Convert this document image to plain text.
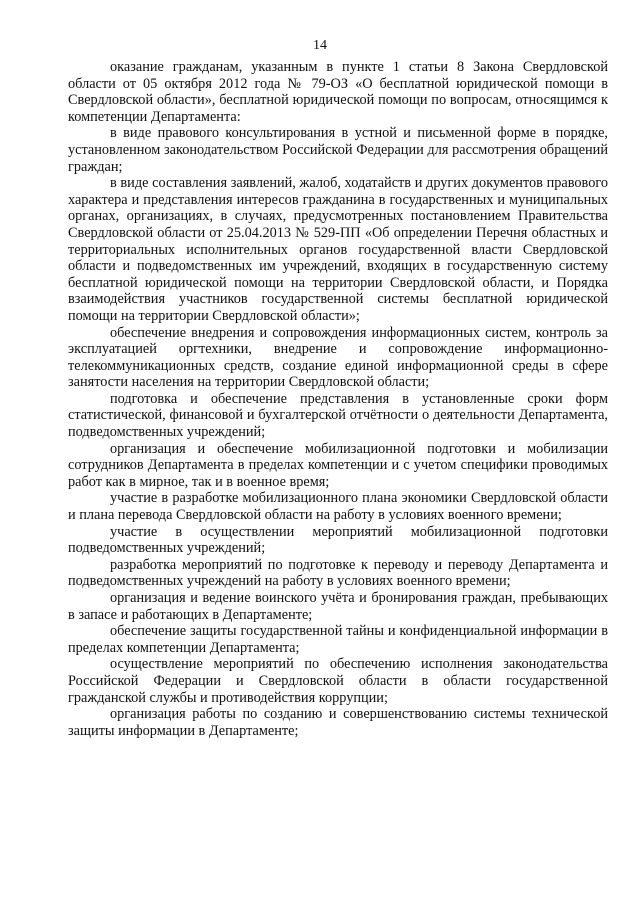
14

оказание гражданам, указанным в пункте 1 статьи 8 Закона Свердловской области от 05 октября 2012 года № 79-ОЗ «О бесплатной юридической помощи в Свердловской области», бесплатной юридической помощи по вопросам, относящимся к компетенции Департамента:

в виде правового консультирования в устной и письменной форме в порядке, установленном законодательством Российской Федерации для рассмотрения обращений граждан;

в виде составления заявлений, жалоб, ходатайств и других документов правового характера и представления интересов гражданина в государственных и муниципальных органах, организациях, в случаях, предусмотренных постановлением Правительства Свердловской области от 25.04.2013 № 529-ПП «Об определении Перечня областных и территориальных исполнительных органов государственной власти Свердловской области и подведомственных им учреждений, входящих в государственную систему бесплатной юридической помощи на территории Свердловской области, и Порядка взаимодействия участников государственной системы бесплатной юридической помощи на территории Свердловской области»;

обеспечение внедрения и сопровождения информационных систем, контроль за эксплуатацией оргтехники, внедрение и сопровождение информационно-телекоммуникационных средств, создание единой информационной среды в сфере занятости населения на территории Свердловской области;

подготовка и обеспечение представления в установленные сроки форм статистической, финансовой и бухгалтерской отчётности о деятельности Департамента, подведомственных учреждений;

организация и обеспечение мобилизационной подготовки и мобилизации сотрудников Департамента в пределах компетенции и с учетом специфики проводимых работ как в мирное, так и в военное время;

участие в разработке мобилизационного плана экономики Свердловской области и плана перевода Свердловской области на работу в условиях военного времени;

участие в осуществлении мероприятий мобилизационной подготовки подведомственных учреждений;

разработка мероприятий по подготовке к переводу и переводу Департамента и подведомственных учреждений на работу в условиях военного времени;

организация и ведение воинского учёта и бронирования граждан, пребывающих в запасе и работающих в Департаменте;

обеспечение защиты государственной тайны и конфиденциальной информации в пределах компетенции Департамента;

осуществление мероприятий по обеспечению исполнения законодательства Российской Федерации и Свердловской области в области государственной гражданской службы и противодействия коррупции;

организация работы по созданию и совершенствованию системы технической защиты информации в Департаменте;
